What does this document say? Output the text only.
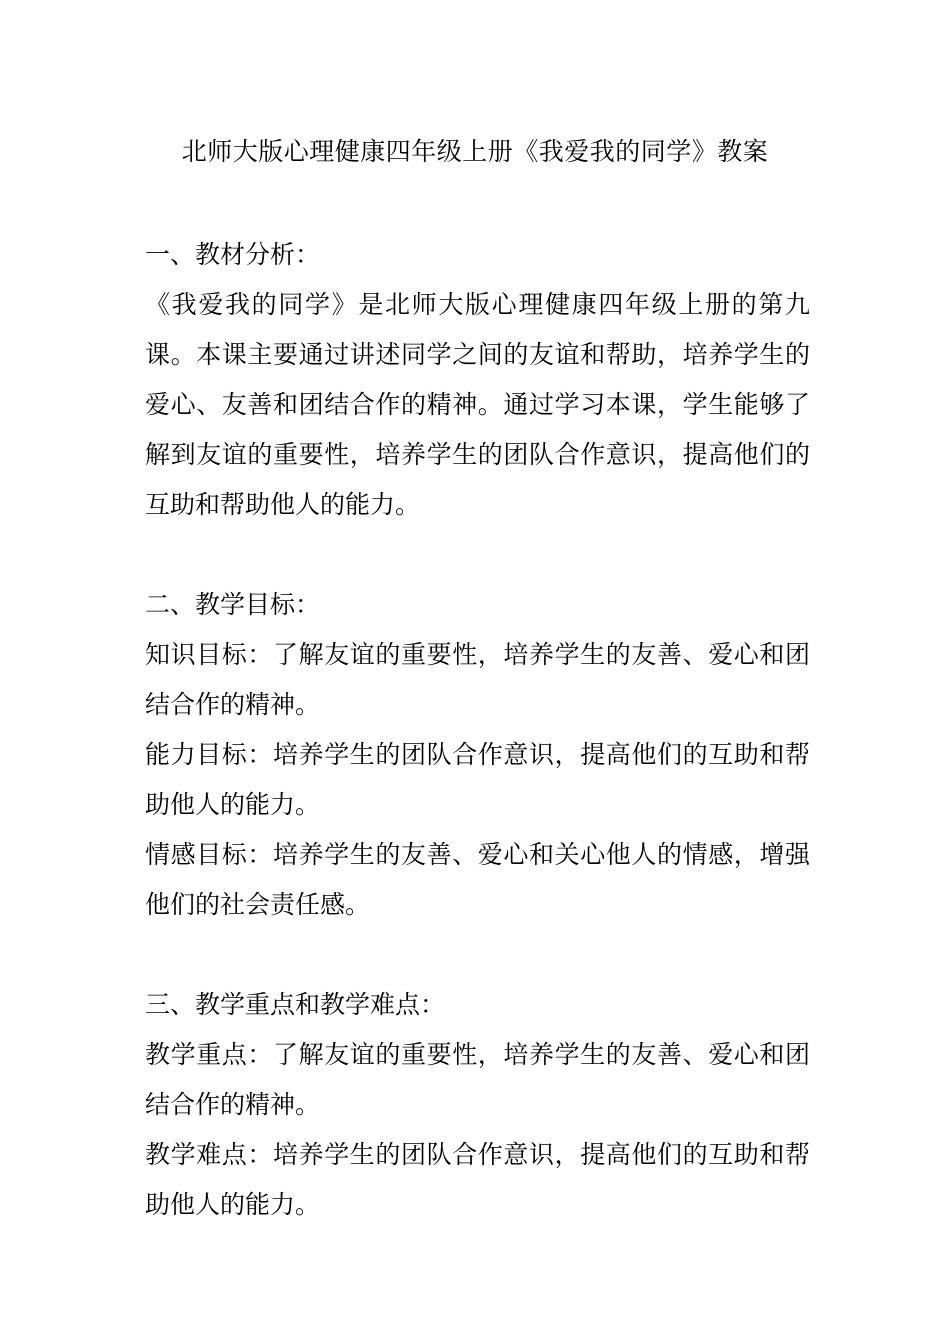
北师大版心理健康四年级上册《我爱我的同学》教案

一、教材分析：

《我爱我的同学》是北师大版心理健康四年级上册的第九课。本课主要通过讲述同学之间的友谊和帮助，培养学生的爱心、友善和团结合作的精神。通过学习本课，学生能够了解到友谊的重要性，培养学生的团队合作意识，提高他们的互助和帮助他人的能力。

二、教学目标：

知识目标：了解友谊的重要性，培养学生的友善、爱心和团结合作的精神。

能力目标：培养学生的团队合作意识，提高他们的互助和帮助他人的能力。

情感目标：培养学生的友善、爱心和关心他人的情感，增强他们的社会责任感。

三、教学重点和教学难点：

教学重点：了解友谊的重要性，培养学生的友善、爱心和团结合作的精神。

教学难点：培养学生的团队合作意识，提高他们的互助和帮助他人的能力。
